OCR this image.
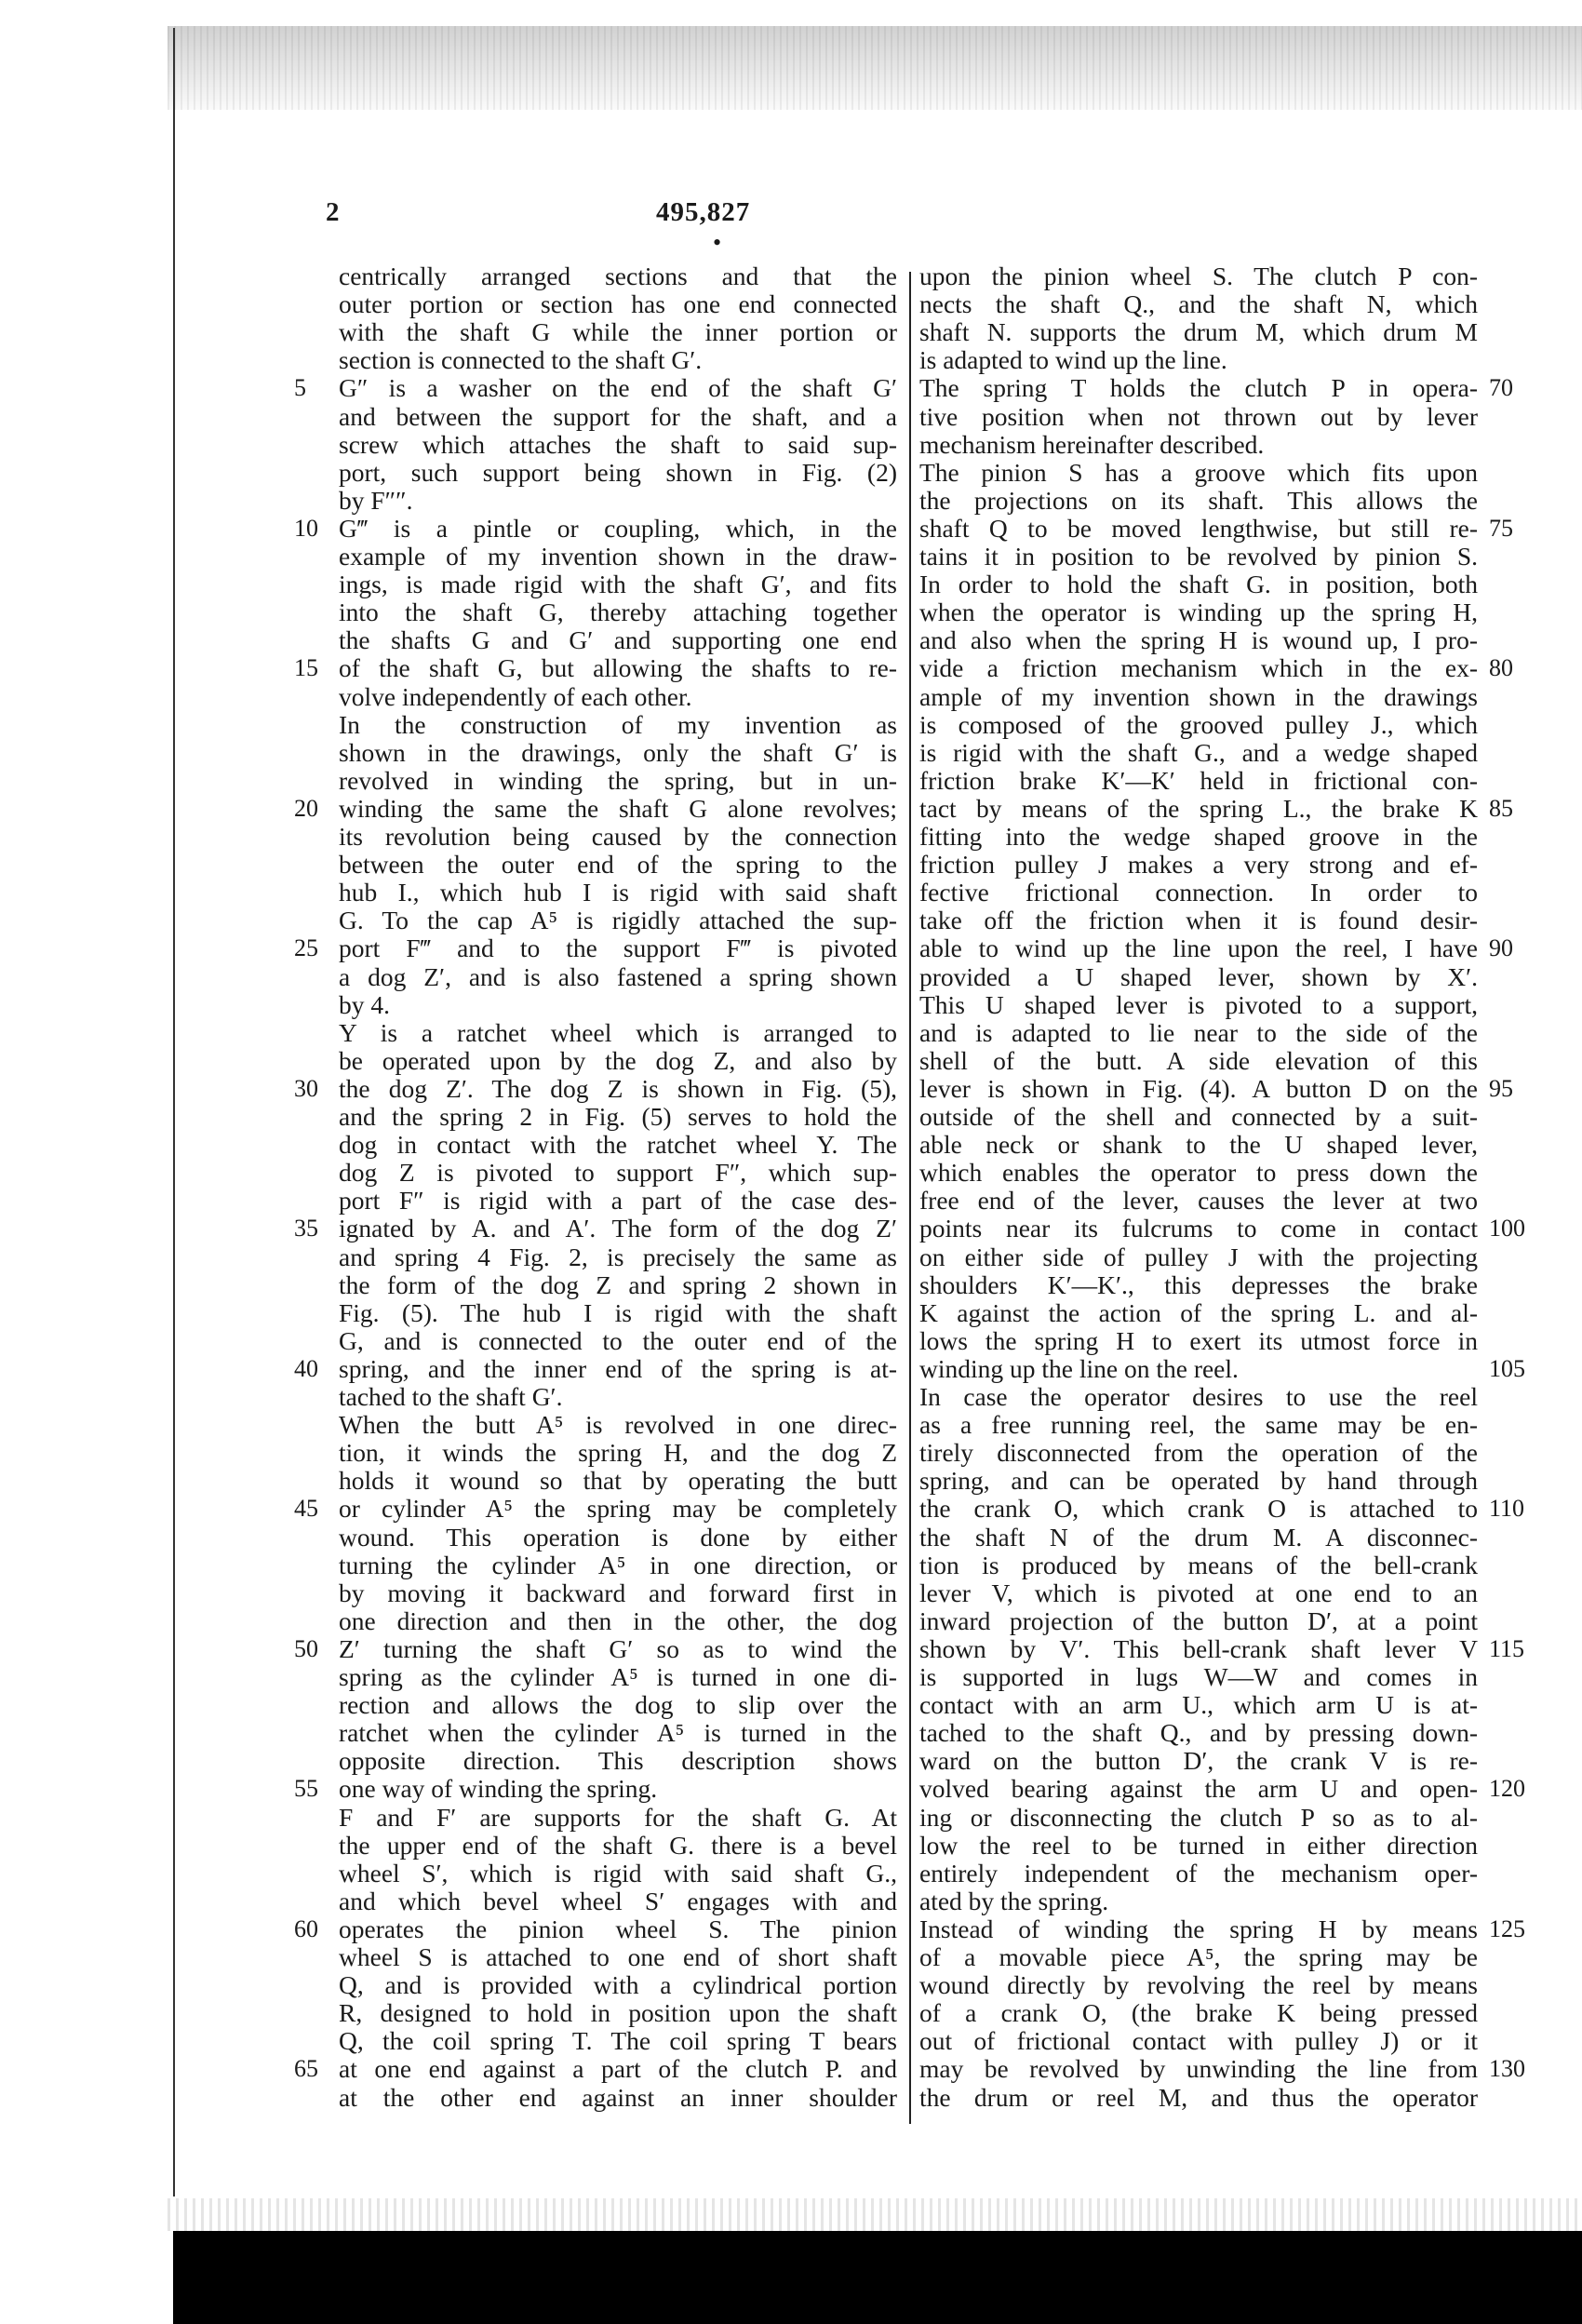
2	495,827
•
centrically arranged sections and that the
outer portion or section has one end connected
with the shaft G while the inner portion or
section is connected to the shaft G′.
G″ is a washer on the end of the shaft G′
and between the support for the shaft, and a
screw which attaches the shaft to said sup-
port, such support being shown in Fig. (2)
by F″″.
G‴ is a pintle or coupling, which, in the
example of my invention shown in the draw-
ings, is made rigid with the shaft G′, and fits
into the shaft G, thereby attaching together
the shafts G and G′ and supporting one end
of the shaft G, but allowing the shafts to re-
volve independently of each other.
In the construction of my invention as
shown in the drawings, only the shaft G′ is
revolved in winding the spring, but in un-
winding the same the shaft G alone revolves;
its revolution being caused by the connection
between the outer end of the spring to the
hub I., which hub I is rigid with said shaft
G. To the cap A⁵ is rigidly attached the sup-
port F‴ and to the support F‴ is pivoted
a dog Z′, and is also fastened a spring shown
by 4.
Y is a ratchet wheel which is arranged to
be operated upon by the dog Z, and also by
the dog Z′. The dog Z is shown in Fig. (5),
and the spring 2 in Fig. (5) serves to hold the
dog in contact with the ratchet wheel Y. The
dog Z is pivoted to support F″, which sup-
port F″ is rigid with a part of the case des-
ignated by A. and A′. The form of the dog Z′
and spring 4 Fig. 2, is precisely the same as
the form of the dog Z and spring 2 shown in
Fig. (5). The hub I is rigid with the shaft
G, and is connected to the outer end of the
spring, and the inner end of the spring is at-
tached to the shaft G′.
When the butt A⁵ is revolved in one direc-
tion, it winds the spring H, and the dog Z
holds it wound so that by operating the butt
or cylinder A⁵ the spring may be completely
wound. This operation is done by either
turning the cylinder A⁵ in one direction, or
by moving it backward and forward first in
one direction and then in the other, the dog
Z′ turning the shaft G′ so as to wind the
spring as the cylinder A⁵ is turned in one di-
rection and allows the dog to slip over the
ratchet when the cylinder A⁵ is turned in the
opposite direction. This description shows
one way of winding the spring.
F and F′ are supports for the shaft G. At
the upper end of the shaft G. there is a bevel
wheel S′, which is rigid with said shaft G.,
and which bevel wheel S′ engages with and
operates the pinion wheel S. The pinion
wheel S is attached to one end of short shaft
Q, and is provided with a cylindrical portion
R, designed to hold in position upon the shaft
Q, the coil spring T. The coil spring T bears
at one end against a part of the clutch P. and
at the other end against an inner shoulder
upon the pinion wheel S. The clutch P con-
nects the shaft Q., and the shaft N, which
shaft N. supports the drum M, which drum M
is adapted to wind up the line.
The spring T holds the clutch P in opera-
tive position when not thrown out by lever
mechanism hereinafter described.
The pinion S has a groove which fits upon
the projections on its shaft. This allows the
shaft Q to be moved lengthwise, but still re-
tains it in position to be revolved by pinion S.
In order to hold the shaft G. in position, both
when the operator is winding up the spring H,
and also when the spring H is wound up, I pro-
vide a friction mechanism which in the ex-
ample of my invention shown in the drawings
is composed of the grooved pulley J., which
is rigid with the shaft G., and a wedge shaped
friction brake K′—K′ held in frictional con-
tact by means of the spring L., the brake K
fitting into the wedge shaped groove in the
friction pulley J makes a very strong and ef-
fective frictional connection. In order to
take off the friction when it is found desir-
able to wind up the line upon the reel, I have
provided a U shaped lever, shown by X′.
This U shaped lever is pivoted to a support,
and is adapted to lie near to the side of the
shell of the butt. A side elevation of this
lever is shown in Fig. (4). A button D on the
outside of the shell and connected by a suit-
able neck or shank to the U shaped lever,
which enables the operator to press down the
free end of the lever, causes the lever at two
points near its fulcrums to come in contact
on either side of pulley J with the projecting
shoulders K′—K′., this depresses the brake
K against the action of the spring L. and al-
lows the spring H to exert its utmost force in
winding up the line on the reel.
In case the operator desires to use the reel
as a free running reel, the same may be en-
tirely disconnected from the operation of the
spring, and can be operated by hand through
the crank O, which crank O is attached to
the shaft N of the drum M. A disconnec-
tion is produced by means of the bell-crank
lever V, which is pivoted at one end to an
inward projection of the button D′, at a point
shown by V′. This bell-crank shaft lever V
is supported in lugs W—W and comes in
contact with an arm U., which arm U is at-
tached to the shaft Q., and by pressing down-
ward on the button D′, the crank V is re-
volved bearing against the arm U and open-
ing or disconnecting the clutch P so as to al-
low the reel to be turned in either direction
entirely independent of the mechanism oper-
ated by the spring.
Instead of winding the spring H by means
of a movable piece A⁵, the spring may be
wound directly by revolving the reel by means
of a crank O, (the brake K being pressed
out of frictional contact with pulley J) or it
may be revolved by unwinding the line from
the drum or reel M, and thus the operator
5
10
15
20
25
30
35
40
45
50
55
60
65
70
75
80
85
90
95
100
105
110
115
120
125
130
